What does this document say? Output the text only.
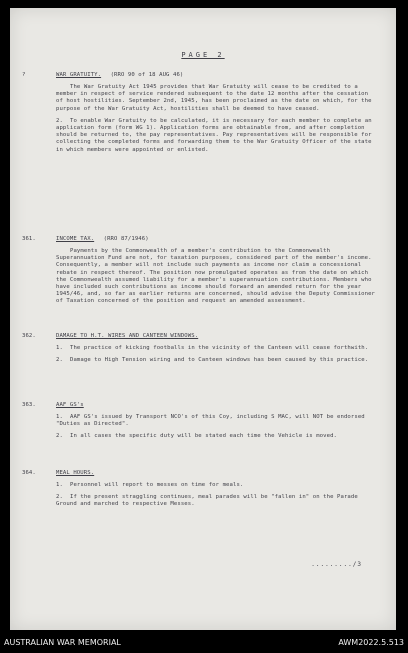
PAGE 2
?	WAR GRATUITY. (RRO 90 of 18 AUG 46)

The War Gratuity Act 1945 provides that War Gratuity will cease to be credited to a member in respect of service rendered subsequent to the date 12 months after the cessation of host hostilities. September 2nd, 1945, has been proclaimed as the date on which, for the purpose of the War Gratuity Act, hostilities shall be deemed to have ceased.

2. To enable War Gratuity to be calculated, it is necessary for each member to complete an application form (form WG 1). Application forms are obtainable from, and after completion should be returned to, the pay representatives. Pay representatives will be responsible for collecting the completed forms and forwarding them to the War Gratuity Officer of the state in which members were appointed or enlisted.

361.	INCOME TAX. (RRO 87/1946)

Payments by the Commonwealth of a member's contribution to the Commonwealth Superannuation Fund are not, for taxation purposes, considered part of the member's income. Consequently, a member will not include such payments as income nor claim a concessional rebate in respect thereof. The position now promulgated operates as from the date on which the Commonwealth assumed liability for a member's superannuation contributions. Members who have included such contributions as income should forward an amended return for the year 1945/46, and, so far as earlier returns are concerned, should advise the Deputy Commissioner of Taxation concerned of the position and request an amended assessment.

362.	DAMAGE TO H.T. WIRES AND CANTEEN WINDOWS.

1. The practice of kicking footballs in the vicinity of the Canteen will cease forthwith.

2. Damage to High Tension wiring and to Canteen windows has been caused by this practice.

363.	AAF GS's

1. AAF GS's issued by Transport NCO's of this Coy, including S MAC, will NOT be endorsed "Duties as Directed".

2. In all cases the specific duty will be stated each time the Vehicle is moved.

364.	MEAL HOURS.

1. Personnel will report to messes on time for meals.

2. If the present straggling continues, meal parades will be "fallen in" on the Parade Ground and marched to respective Messes.

........./3
AUSTRALIAN WAR MEMORIAL	AWM2022.5.513
